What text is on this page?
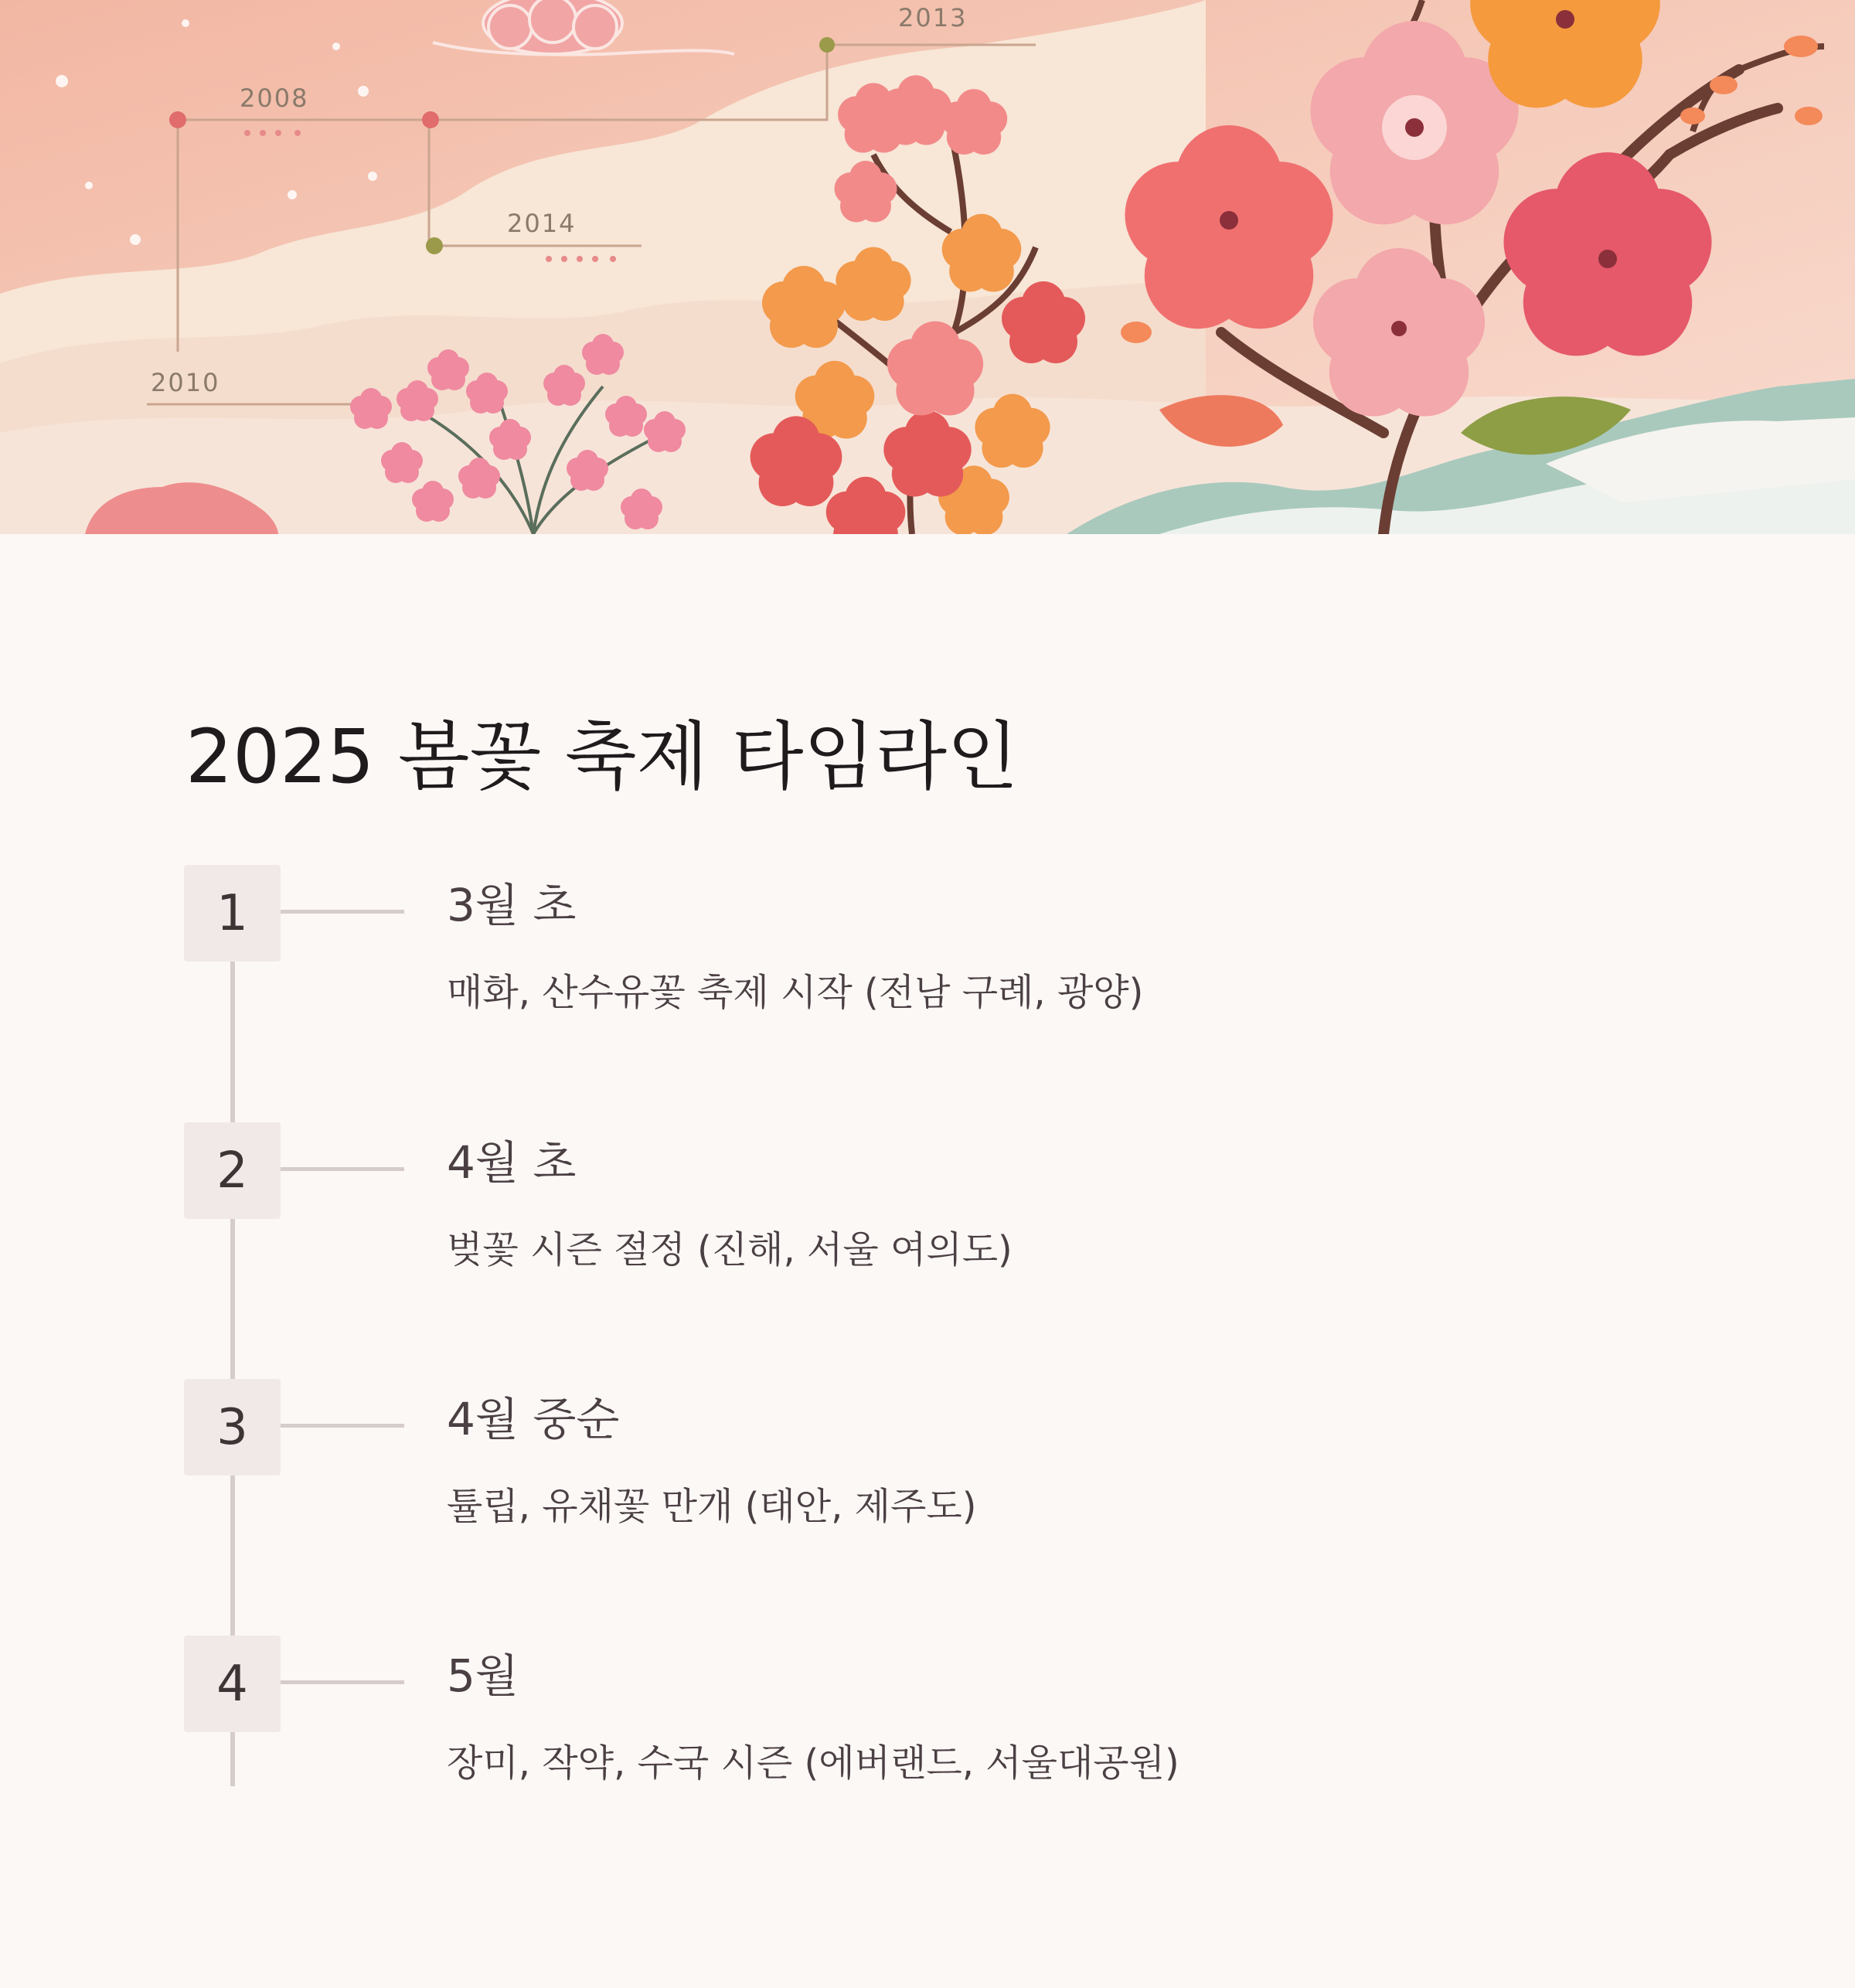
2008
2010
2013
2014
2025 봄꽃 축제 타임라인
1	3월 초
매화, 산수유꽃 축제 시작 (전남 구례, 광양)
2	4월 초
벚꽃 시즌 절정 (진해, 서울 여의도)
3	4월 중순
튤립, 유채꽃 만개 (태안, 제주도)
4	5월
장미, 작약, 수국 시즌 (에버랜드, 서울대공원)
